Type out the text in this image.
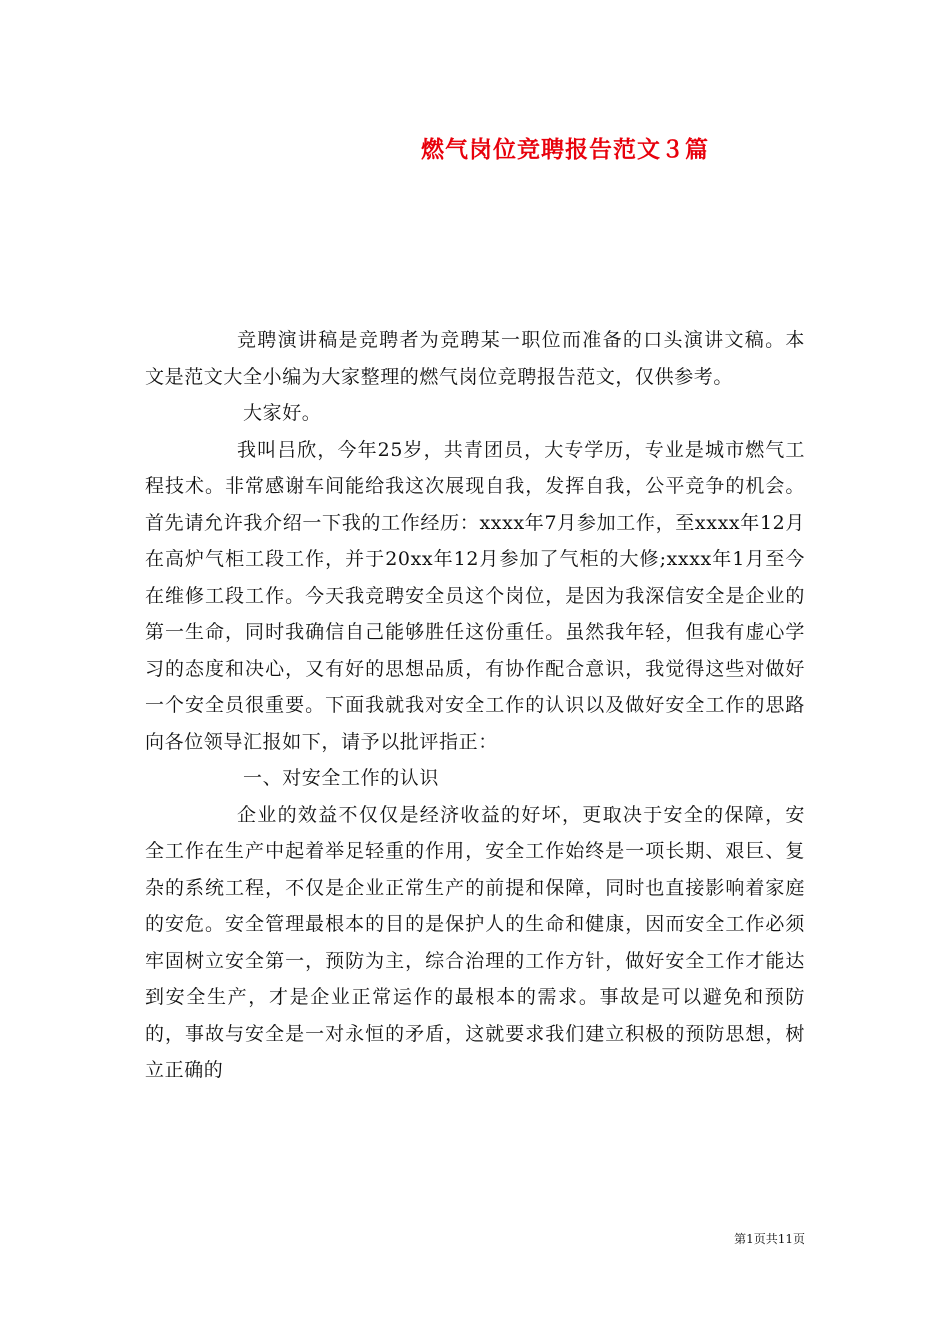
燃气岗位竞聘报告范文３篇

竞聘演讲稿是竞聘者为竞聘某一职位而准备的口头演讲文稿。本文是范文大全小编为大家整理的燃气岗位竞聘报告范文，仅供参考。

大家好。

我叫吕欣，今年25岁，共青团员，大专学历，专业是城市燃气工程技术。非常感谢车间能给我这次展现自我，发挥自我，公平竞争的机会。首先请允许我介绍一下我的工作经历：xxxx年7月参加工作，至xxxx年12月在高炉气柜工段工作，并于20xx年12月参加了气柜的大修;xxxx年1月至今在维修工段工作。今天我竞聘安全员这个岗位，是因为我深信安全是企业的第一生命，同时我确信自己能够胜任这份重任。虽然我年轻，但我有虚心学习的态度和决心，又有好的思想品质，有协作配合意识，我觉得这些对做好一个安全员很重要。下面我就我对安全工作的认识以及做好安全工作的思路向各位领导汇报如下，请予以批评指正：

一、对安全工作的认识

企业的效益不仅仅是经济收益的好坏，更取决于安全的保障，安全工作在生产中起着举足轻重的作用，安全工作始终是一项长期、艰巨、复杂的系统工程，不仅是企业正常生产的前提和保障，同时也直接影响着家庭的安危。安全管理最根本的目的是保护人的生命和健康，因而安全工作必须牢固树立安全第一，预防为主，综合治理的工作方针，做好安全工作才能达到安全生产，才是企业正常运作的最根本的需求。事故是可以避免和预防的，事故与安全是一对永恒的矛盾，这就要求我们建立积极的预防思想，树立正确的

第1页共11页
